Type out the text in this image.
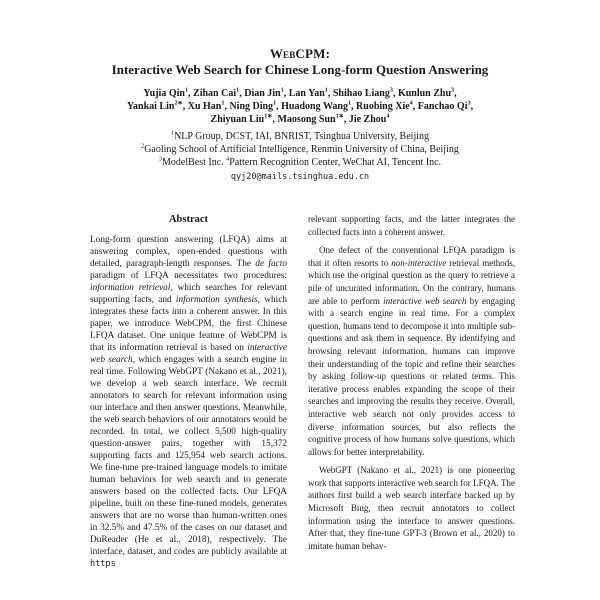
WebCPM:
Interactive Web Search for Chinese Long-form Question Answering
Yujia Qin$^1$, Zihan Cai$^1$, Dian Jin$^1$, Lan Yan$^1$, Shihao Liang$^3$, Kunlun Zhu$^3$,
Yankai Lin$^{2∗}$, Xu Han$^1$, Ning Ding$^1$, Huadong Wang$^1$, Ruobing Xie$^4$, Fanchao Qi$^3$,
Zhiyuan Liu$^{1∗}$, Maosong Sun$^{1∗}$, Jie Zhou$^4$
$^1$NLP Group, DCST, IAI, BNRIST, Tsinghua University, Beijing
$^2$Gaoling School of Artificial Intelligence, Renmin University of China, Beijing
$^3$ModelBest Inc. $^4$Pattern Recognition Center, WeChat AI, Tencent Inc.
qyj20@mails.tsinghua.edu.cn
Abstract

Long-form question answering (LFQA) aims at answering complex, open-ended questions with detailed, paragraph-length responses. The de facto paradigm of LFQA necessitates two procedures: information retrieval, which searches for relevant supporting facts, and information synthesis, which integrates these facts into a coherent answer. In this paper, we introduce WebCPM, the first Chinese LFQA dataset. One unique feature of WebCPM is that its information retrieval is based on interactive web search, which engages with a search engine in real time. Following WebGPT (Nakano et al., 2021), we develop a web search interface. We recruit annotators to search for relevant information using our interface and then answer questions. Meanwhile, the web search behaviors of our annotators would be recorded. In total, we collect 5,500 high-quality question-answer pairs, together with 15,372 supporting facts and 125,954 web search actions. We fine-tune pre-trained language models to imitate human behaviors for web search and to generate answers based on the collected facts. Our LFQA pipeline, built on these fine-tuned models, generates answers that are no worse than human-written ones in 32.5% and 47.5% of the cases on our dataset and DuReader (He et al., 2018), respectively. The interface, dataset, and codes are publicly available at https

relevant supporting facts, and the latter integrates the collected facts into a coherent answer.

One defect of the conventional LFQA paradigm is that it often resorts to non-interactive retrieval methods, which use the original question as the query to retrieve a pile of uncurated information. On the contrary, humans are able to perform interactive web search by engaging with a search engine in real time. For a complex question, humans tend to decompose it into multiple sub-questions and ask them in sequence. By identifying and browsing relevant information, humans can improve their understanding of the topic and refine their searches by asking follow-up questions or related terms. This iterative process enables expanding the scope of their searches and improving the results they receive. Overall, interactive web search not only provides access to diverse information sources, but also reflects the cognitive process of how humans solve questions, which allows for better interpretability.

WebGPT (Nakano et al., 2021) is one pioneering work that supports interactive web search for LFQA. The authors first build a web search interface backed up by Microsoft Bing, then recruit annotators to collect information using the interface to answer questions. After that, they fine-tune GPT-3 (Brown et al., 2020) to imitate human behav-
